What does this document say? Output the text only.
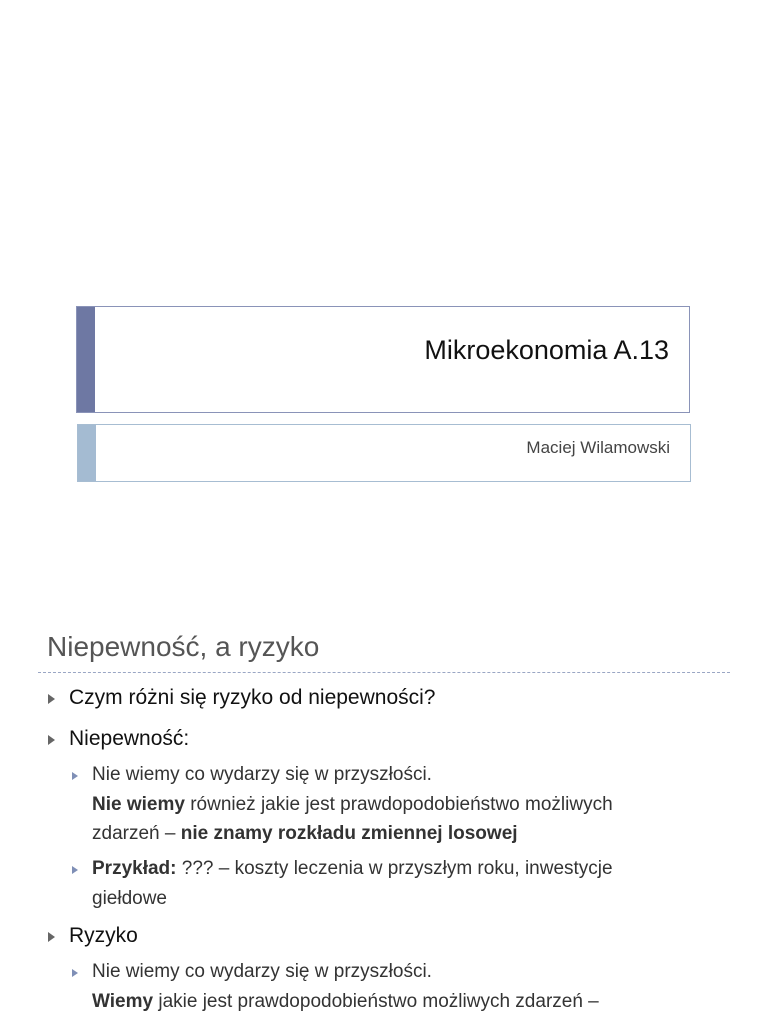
Mikroekonomia A.13
Maciej Wilamowski
Niepewność, a ryzyko
Czym różni się ryzyko od niepewności?
Niepewność:
Nie wiemy co wydarzy się w przyszłości.
Nie wiemy również jakie jest prawdopodobieństwo możliwych
zdarzeń – nie znamy rozkładu zmiennej losowej
Przykład: ??? – koszty leczenia w przyszłym roku, inwestycje
giełdowe
Ryzyko
Nie wiemy co wydarzy się w przyszłości.
Wiemy jakie jest prawdopodobieństwo możliwych zdarzeń –
